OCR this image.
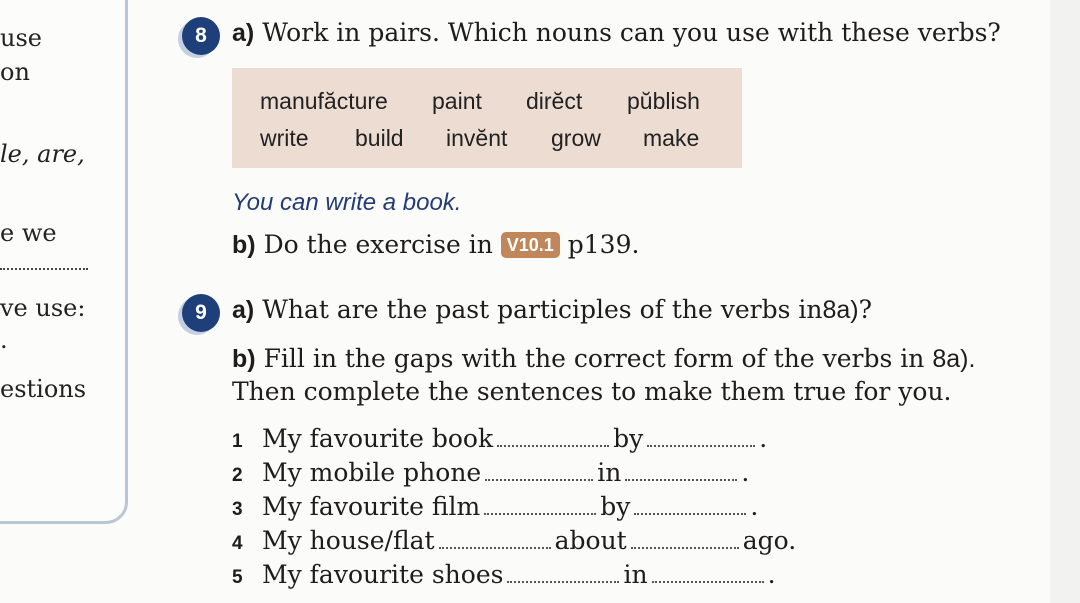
use
on
le, are,
e we
ve use:
.
estions
8	a) Work in pairs. Which nouns can you use with these verbs?
manufăcture paint dirĕct pŭblish
write build invĕnt grow make
You can write a book.
b) Do the exercise in V10.1 p139.
9	a) What are the past participles of the verbs in8a)?
b) Fill in the gaps with the correct form of the verbs in 8a).
Then complete the sentences to make them true for you.
1 My favourite book	by	.
2 My mobile phone	in	.
3 My favourite film	by	.
4 My house/flat	about	ago.
5 My favourite shoes	in	.
